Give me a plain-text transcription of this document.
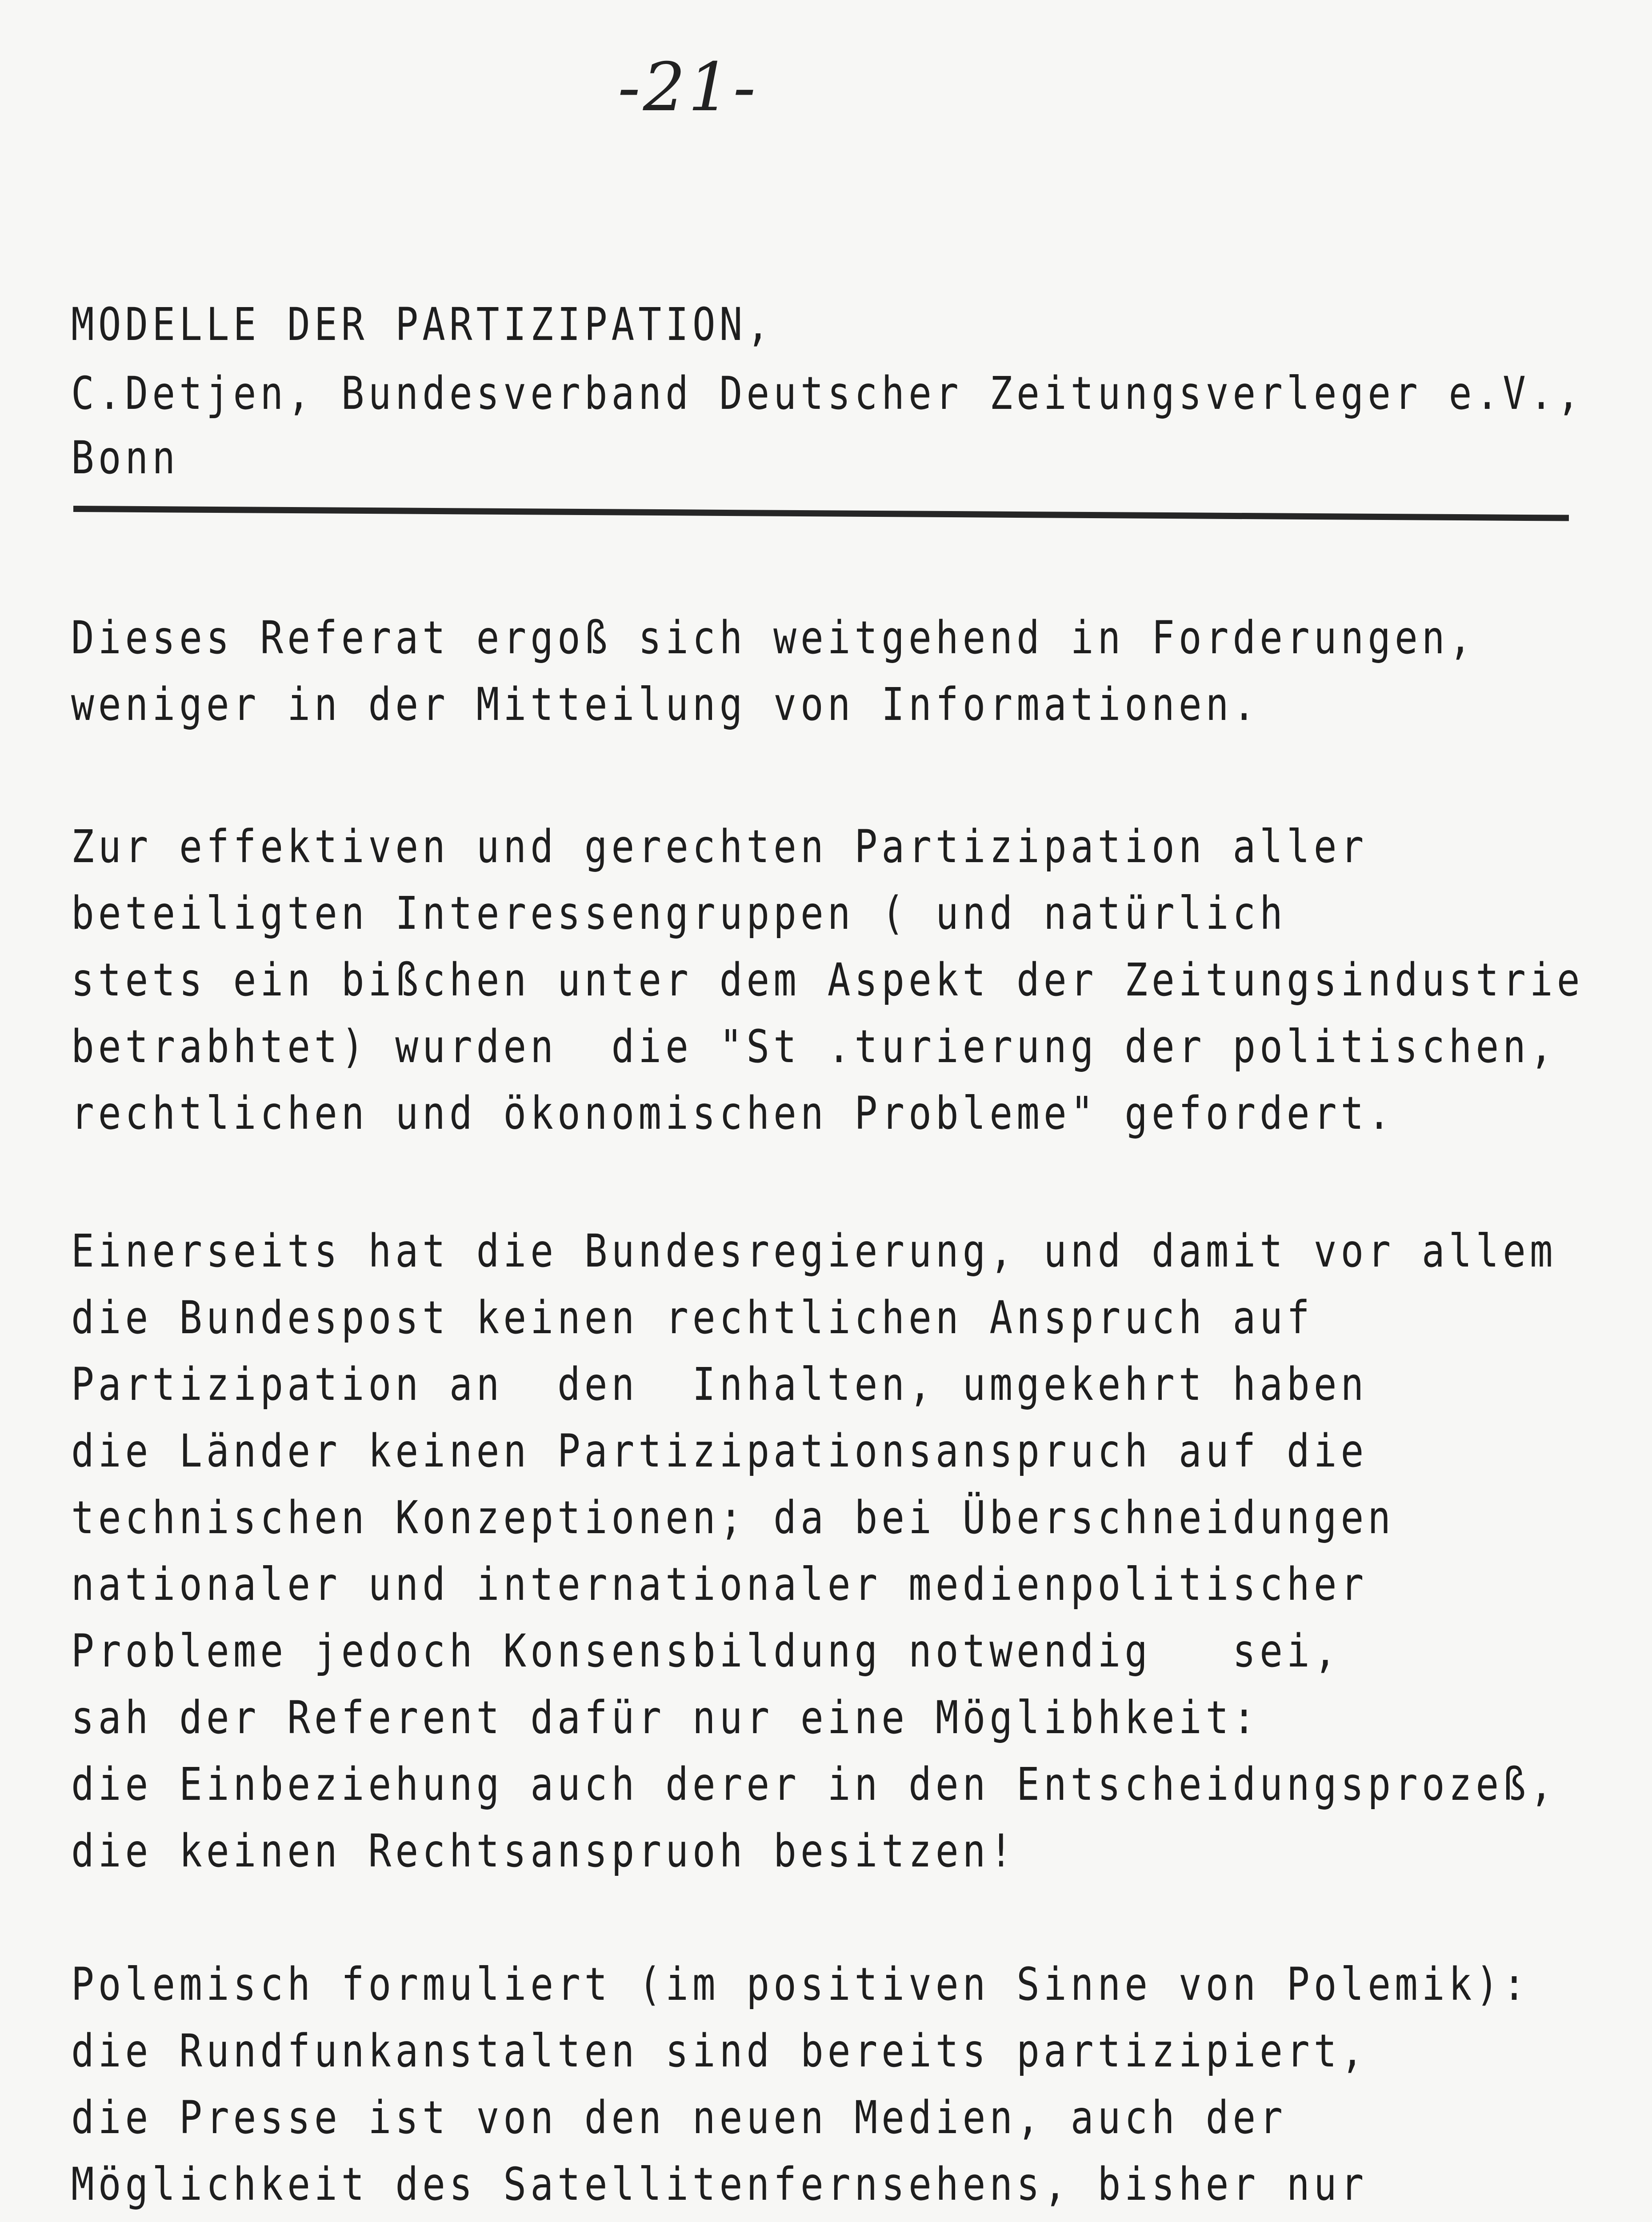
-21-
MODELLE DER PARTIZIPATION,
C.Detjen, Bundesverband Deutscher Zeitungsverleger e.V.,
Bonn
Dieses Referat ergoß sich weitgehend in Forderungen,
weniger in der Mitteilung von Informationen.
Zur effektiven und gerechten Partizipation aller
beteiligten Interessengruppen ( und natürlich
stets ein bißchen unter dem Aspekt der Zeitungsindustrie
betrabhtet) wurden  die "St .turierung der politischen,
rechtlichen und ökonomischen Probleme" gefordert.
Einerseits hat die Bundesregierung, und damit vor allem
die Bundespost keinen rechtlichen Anspruch auf
Partizipation an  den  Inhalten, umgekehrt haben
die Länder keinen Partizipationsanspruch auf die
technischen Konzeptionen; da bei Überschneidungen
nationaler und internationaler medienpolitischer
Probleme jedoch Konsensbildung notwendig   sei,
sah der Referent dafür nur eine Möglibhkeit:
die Einbeziehung auch derer in den Entscheidungsprozeß,
die keinen Rechtsanspruoh besitzen!
Polemisch formuliert (im positiven Sinne von Polemik):
die Rundfunkanstalten sind bereits partizipiert,
die Presse ist von den neuen Medien, auch der
Möglichkeit des Satellitenfernsehens, bisher nur
